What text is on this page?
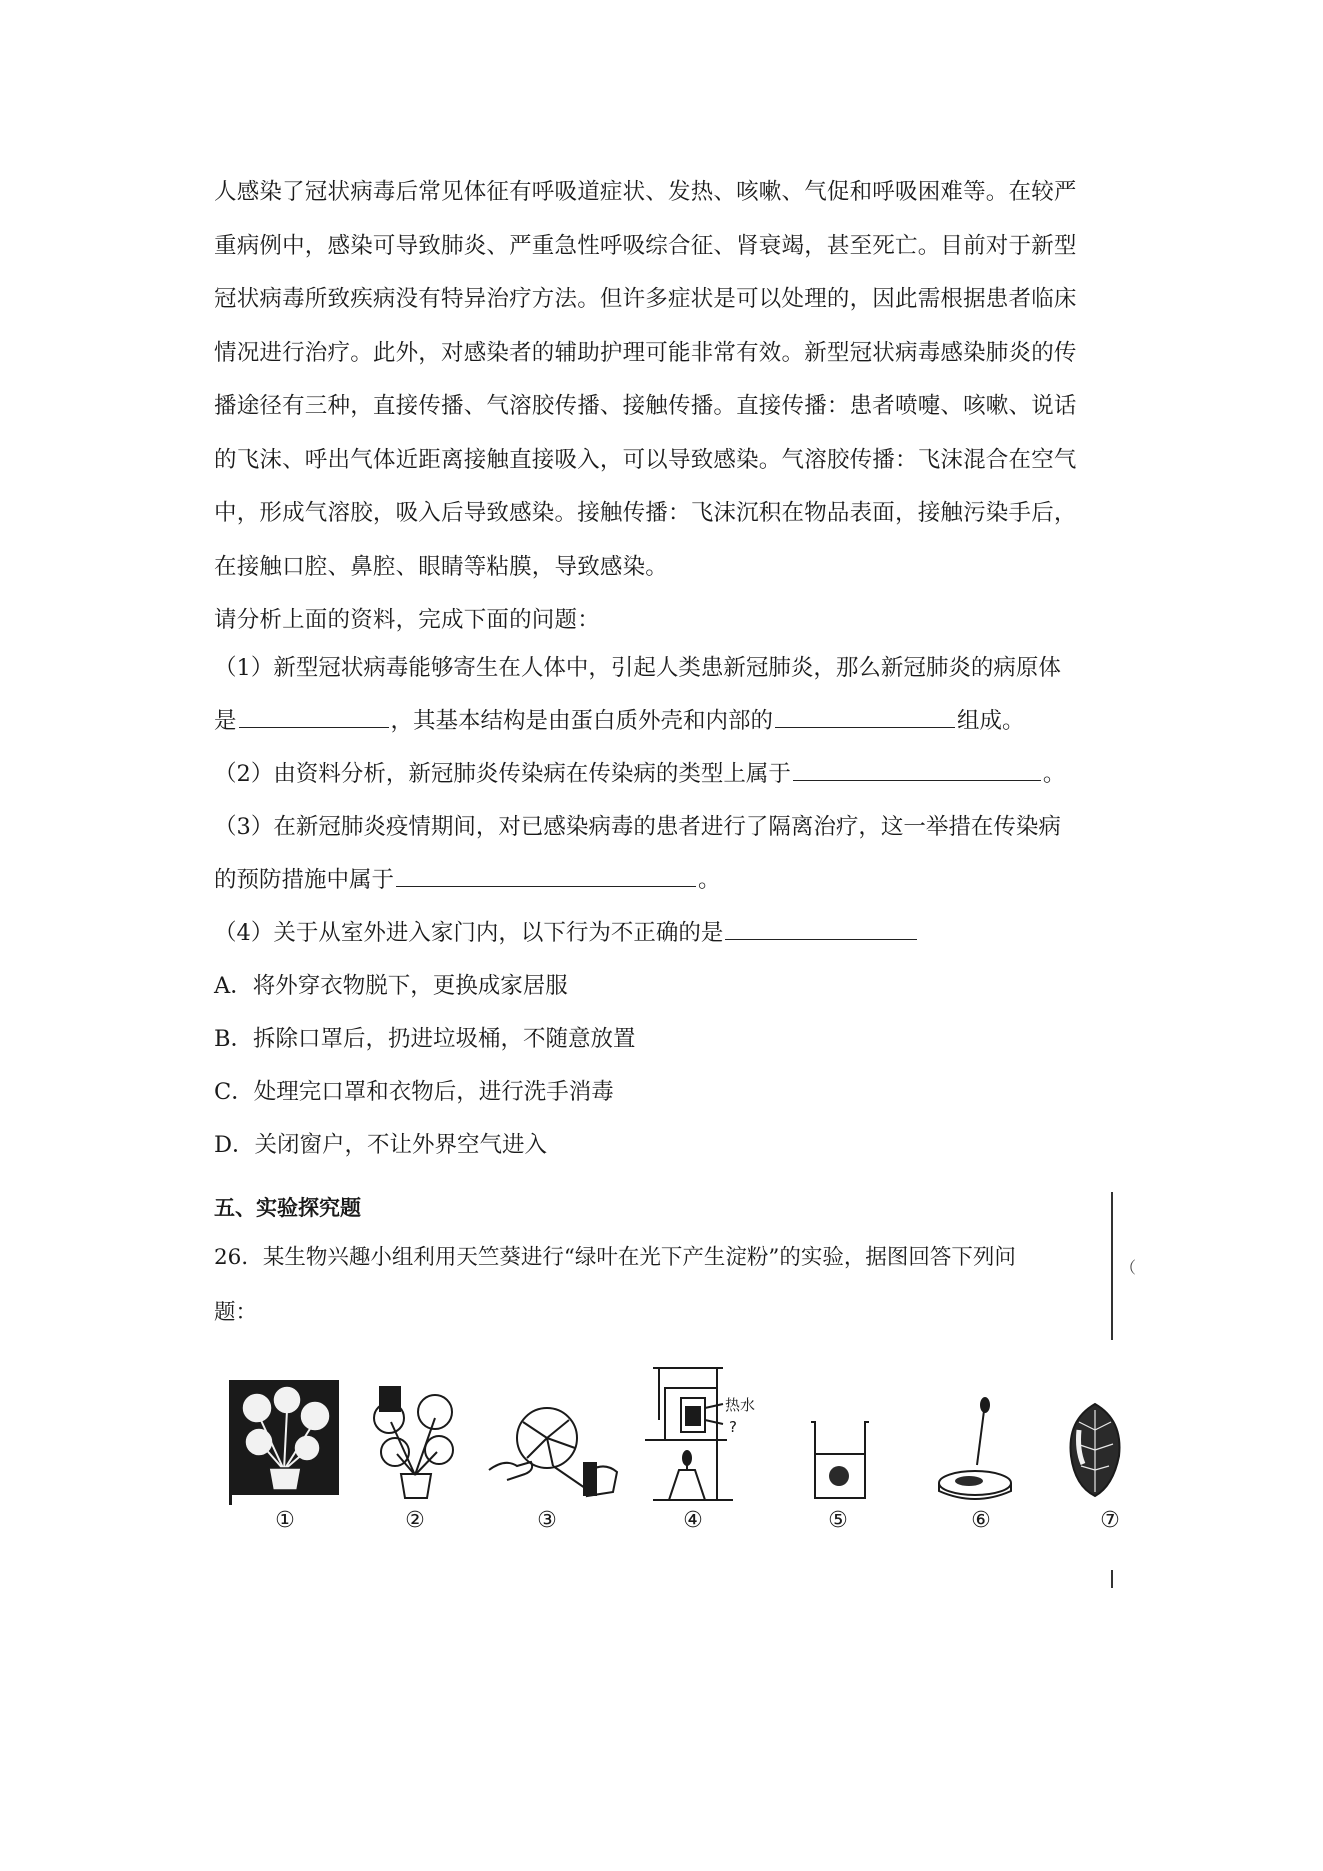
人感染了冠状病毒后常见体征有呼吸道症状、发热、咳嗽、气促和呼吸困难等。在较严
重病例中，感染可导致肺炎、严重急性呼吸综合征、肾衰竭，甚至死亡。目前对于新型
冠状病毒所致疾病没有特异治疗方法。但许多症状是可以处理的，因此需根据患者临床
情况进行治疗。此外，对感染者的辅助护理可能非常有效。新型冠状病毒感染肺炎的传
播途径有三种，直接传播、气溶胶传播、接触传播。直接传播：患者喷嚏、咳嗽、说话
的飞沫、呼出气体近距离接触直接吸入，可以导致感染。气溶胶传播：飞沫混合在空气
中，形成气溶胶，吸入后导致感染。接触传播：飞沫沉积在物品表面，接触污染手后，
在接触口腔、鼻腔、眼睛等粘膜，导致感染。
请分析上面的资料，完成下面的问题：
（1）新型冠状病毒能够寄生在人体中，引起人类患新冠肺炎，那么新冠肺炎的病原体
是	，其基本结构是由蛋白质外壳和内部的	组成。
（2）由资料分析，新冠肺炎传染病在传染病的类型上属于	。
（3）在新冠肺炎疫情期间，对已感染病毒的患者进行了隔离治疗，这一举措在传染病
的预防措施中属于	。
（4）关于从室外进入家门内，以下行为不正确的是
A．将外穿衣物脱下，更换成家居服
B．拆除口罩后，扔进垃圾桶，不随意放置
C．处理完口罩和衣物后，进行洗手消毒
D．关闭窗户，不让外界空气进入
五、实验探究题
26．某生物兴趣小组利用天竺葵进行“绿叶在光下产生淀粉”的实验，据图回答下列问
题：
（
热水
?
①	②	③	④	⑤	⑥	⑦
